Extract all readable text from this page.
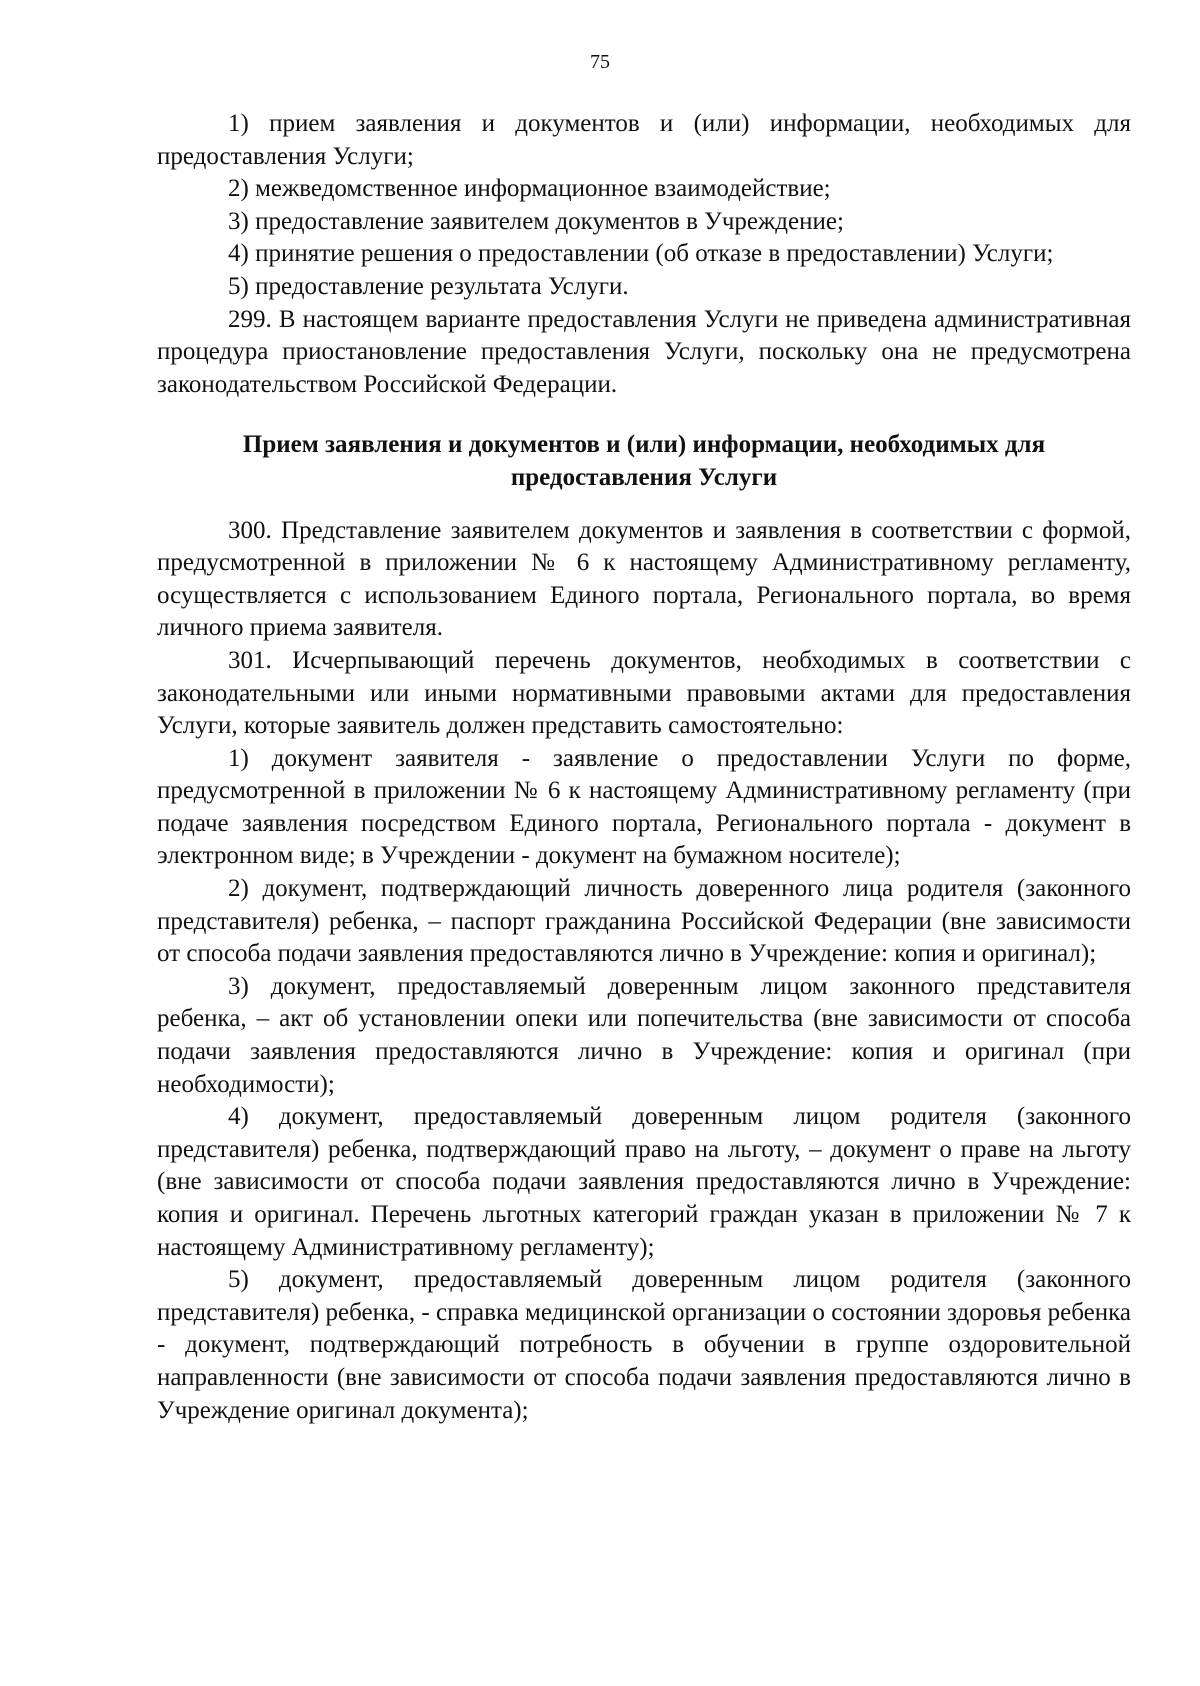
75

1) прием заявления и документов и (или) информации, необходимых для предоставления Услуги;

2) межведомственное информационное взаимодействие;

3) предоставление заявителем документов в Учреждение;

4) принятие решения о предоставлении (об отказе в предоставлении) Услуги;

5) предоставление результата Услуги.

299. В настоящем варианте предоставления Услуги не приведена административная процедура приостановление предоставления Услуги, поскольку она не предусмотрена законодательством Российской Федерации.

Прием заявления и документов и (или) информации, необходимых для предоставления Услуги

300. Представление заявителем документов и заявления в соответствии с формой, предусмотренной в приложении № 6 к настоящему Административному регламенту, осуществляется с использованием Единого портала, Регионального портала, во время личного приема заявителя.

301. Исчерпывающий перечень документов, необходимых в соответствии с законодательными или иными нормативными правовыми актами для предоставления Услуги, которые заявитель должен представить самостоятельно:

1) документ заявителя - заявление о предоставлении Услуги по форме, предусмотренной в приложении № 6 к настоящему Административному регламенту (при подаче заявления посредством Единого портала, Регионального портала - документ в электронном виде; в Учреждении - документ на бумажном носителе);

2) документ, подтверждающий личность доверенного лица родителя (законного представителя) ребенка, – паспорт гражданина Российской Федерации (вне зависимости от способа подачи заявления предоставляются лично в Учреждение: копия и оригинал);

3) документ, предоставляемый доверенным лицом законного представителя ребенка, – акт об установлении опеки или попечительства (вне зависимости от способа подачи заявления предоставляются лично в Учреждение: копия и оригинал (при необходимости);

4) документ, предоставляемый доверенным лицом родителя (законного представителя) ребенка, подтверждающий право на льготу, – документ о праве на льготу (вне зависимости от способа подачи заявления предоставляются лично в Учреждение: копия и оригинал. Перечень льготных категорий граждан указан в приложении № 7 к настоящему Административному регламенту);

5) документ, предоставляемый доверенным лицом родителя (законного представителя) ребенка, - справка медицинской организации о состоянии здоровья ребенка - документ, подтверждающий потребность в обучении в группе оздоровительной направленности (вне зависимости от способа подачи заявления предоставляются лично в Учреждение оригинал документа);
